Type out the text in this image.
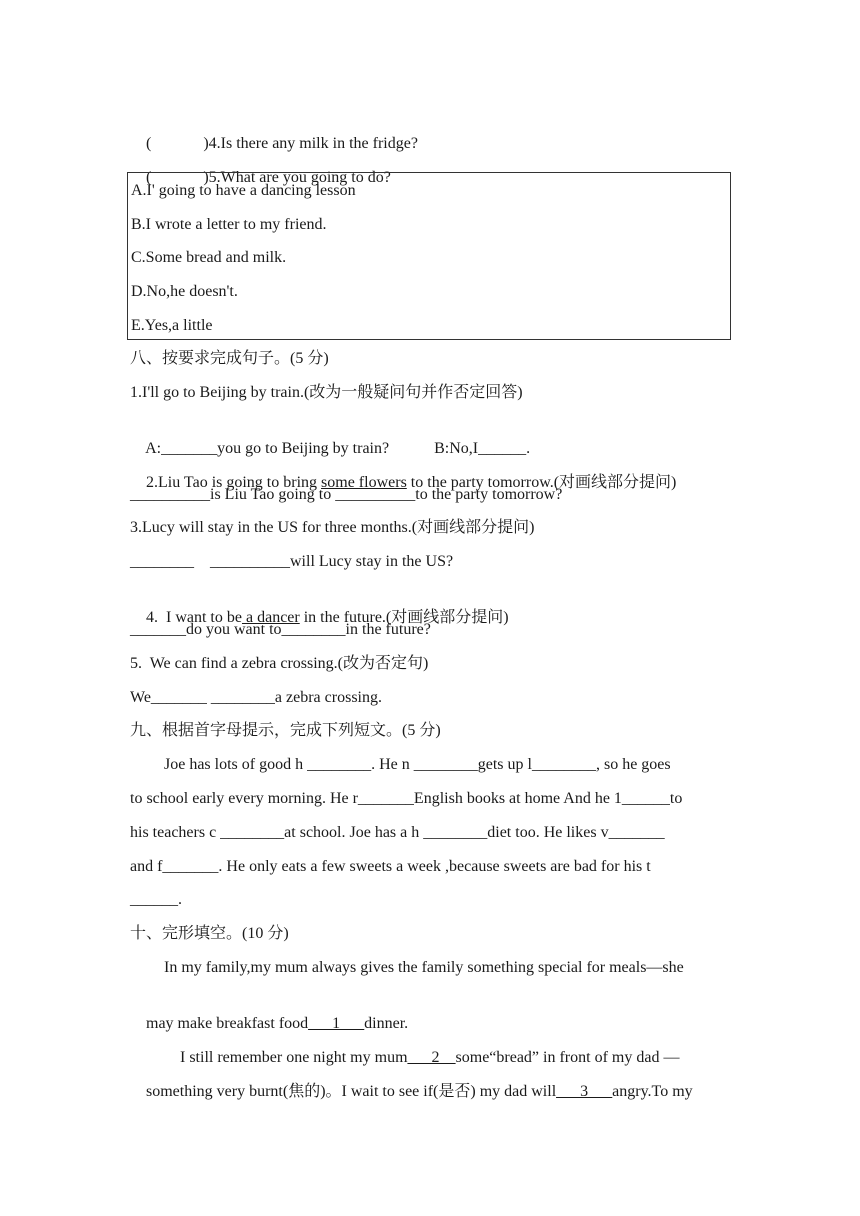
(	)4.Is there any milk in the fridge?

(	)5.What are you going to do?

A.I' going to have a dancing lesson
B.I wrote a letter to my friend.
C.Some bread and milk.
D.No,he doesn't.
E.Yes,a little
八、按要求完成句子。(5 分)
1.I'll go to Beijing by train.(改为一般疑问句并作否定回答)

A:_______you go to Beijing by train?	B:No,I______.

2.Liu Tao is going to bring some flowers to the party tomorrow.(对画线部分提问)

__________is Liu Tao going to __________to the party tomorrow?
3.Lucy will stay in the US for three months.(对画线部分提问)
________    __________will Lucy stay in the US?

4.  I want to be a dancer in the future.(对画线部分提问)

_______do you want to________in the future?
5.  We can find a zebra crossing.(改为否定句)
We_______ ________a zebra crossing.
九、根据首字母提示，完成下列短文。(5 分)
Joe has lots of good h ________. He n ________gets up l________, so he goes
to school early every morning. He r_______English books at home And he 1______to
his teachers c ________at school. Joe has a h ________diet too. He likes v_______
and f_______. He only eats a few sweets a week ,because sweets are bad for his t
______.
十、完形填空。(10 分)
In my family,my mum always gives the family something special for meals—she

may make breakfast food___1___dinner.

I still remember one night my mum___2__some“bread” in front of my dad —

something very burnt(焦的)。I wait to see if(是否) my dad will___3___angry.To my
